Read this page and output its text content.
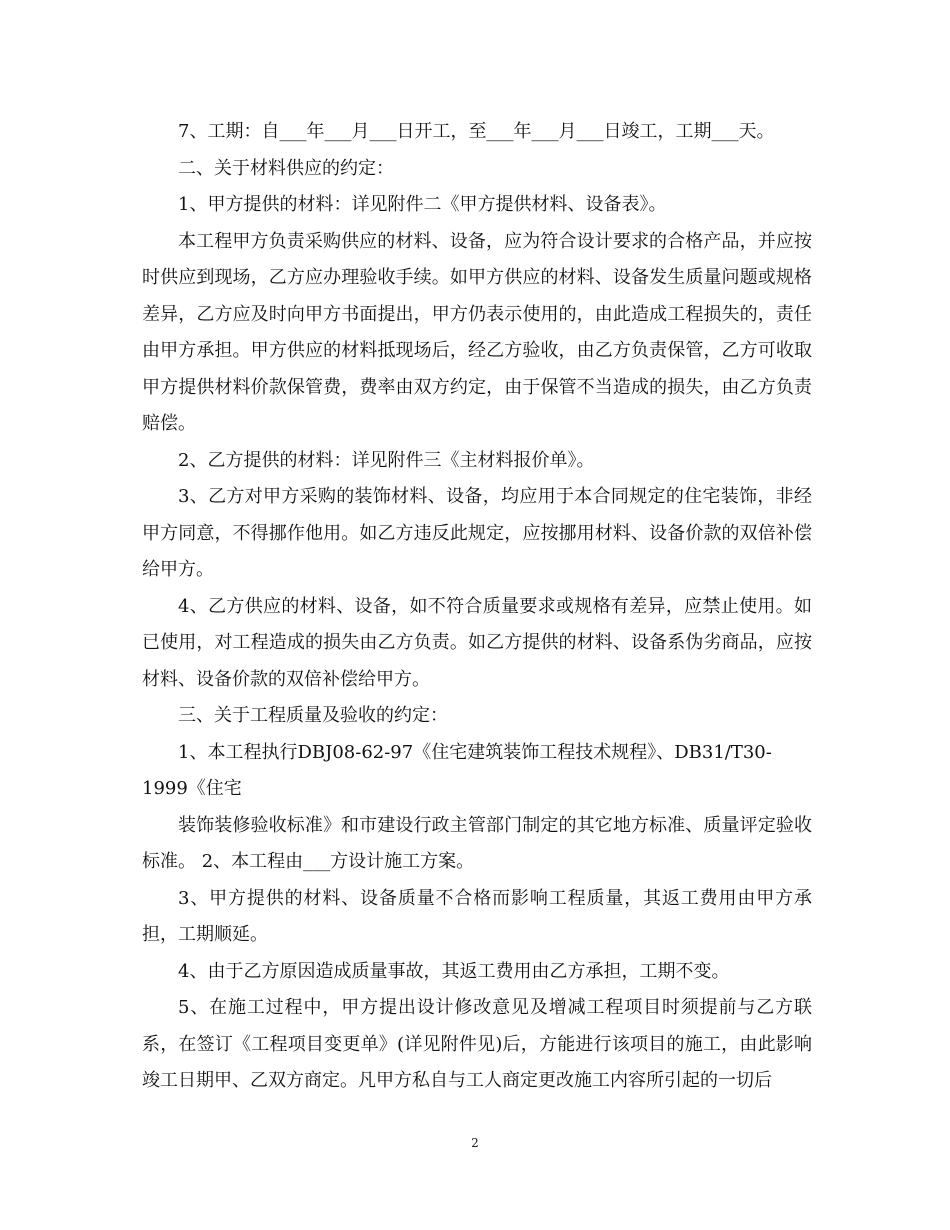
7、工期：自___年___月___日开工，至___年___月___日竣工，工期___天。

二、关于材料供应的约定：

1、甲方提供的材料：详见附件二《甲方提供材料、设备表》。

本工程甲方负责采购供应的材料、设备，应为符合设计要求的合格产品，并应按时供应到现场，乙方应办理验收手续。如甲方供应的材料、设备发生质量问题或规格差异，乙方应及时向甲方书面提出，甲方仍表示使用的，由此造成工程损失的，责任由甲方承担。甲方供应的材料抵现场后，经乙方验收，由乙方负责保管，乙方可收取甲方提供材料价款保管费，费率由双方约定，由于保管不当造成的损失，由乙方负责赔偿。

2、乙方提供的材料：详见附件三《主材料报价单》。

3、乙方对甲方采购的装饰材料、设备，均应用于本合同规定的住宅装饰，非经甲方同意，不得挪作他用。如乙方违反此规定，应按挪用材料、设备价款的双倍补偿给甲方。

4、乙方供应的材料、设备，如不符合质量要求或规格有差异，应禁止使用。如已使用，对工程造成的损失由乙方负责。如乙方提供的材料、设备系伪劣商品，应按材料、设备价款的双倍补偿给甲方。

三、关于工程质量及验收的约定：

1、本工程执行DBJ08-62-97《住宅建筑装饰工程技术规程》、DB31/T30-

1999《住宅

装饰装修验收标准》和市建设行政主管部门制定的其它地方标准、质量评定验收标准。 2、本工程由___方设计施工方案。

3、甲方提供的材料、设备质量不合格而影响工程质量，其返工费用由甲方承担，工期顺延。

4、由于乙方原因造成质量事故，其返工费用由乙方承担，工期不变。

5、在施工过程中，甲方提出设计修改意见及增减工程项目时须提前与乙方联系，在签订《工程项目变更单》(详见附件见)后，方能进行该项目的施工，由此影响竣工日期甲、乙双方商定。凡甲方私自与工人商定更改施工内容所引起的一切后

2
